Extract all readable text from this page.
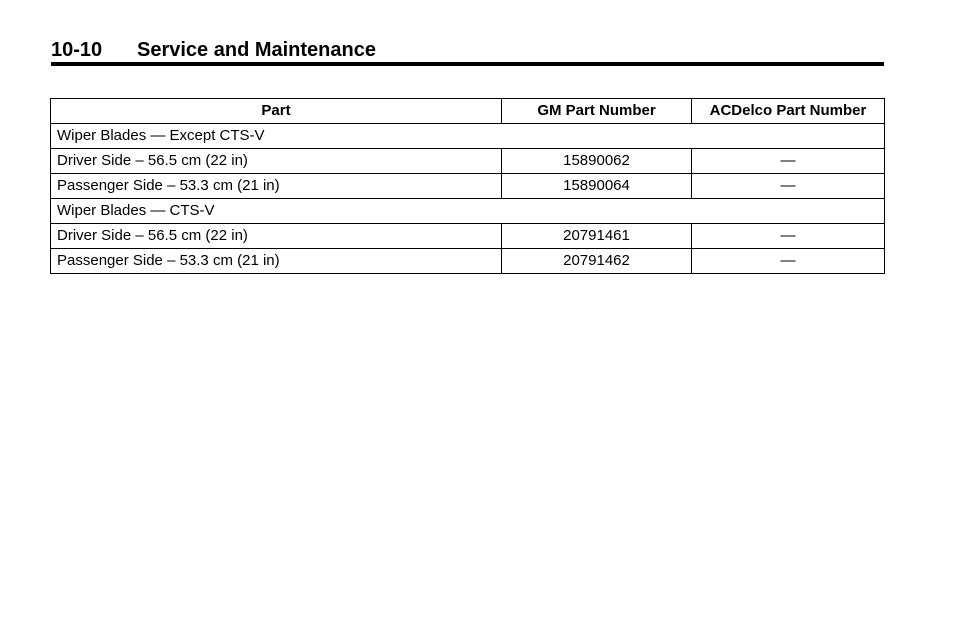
10-10 Service and Maintenance
Part	GM Part Number	ACDelco Part Number
Wiper Blades — Except CTS-V		
Driver Side – 56.5 cm (22 in)	15890062	—
Passenger Side – 53.3 cm (21 in)	15890064	—
Wiper Blades — CTS-V		
Driver Side – 56.5 cm (22 in)	20791461	—
Passenger Side – 53.3 cm (21 in)	20791462	—
